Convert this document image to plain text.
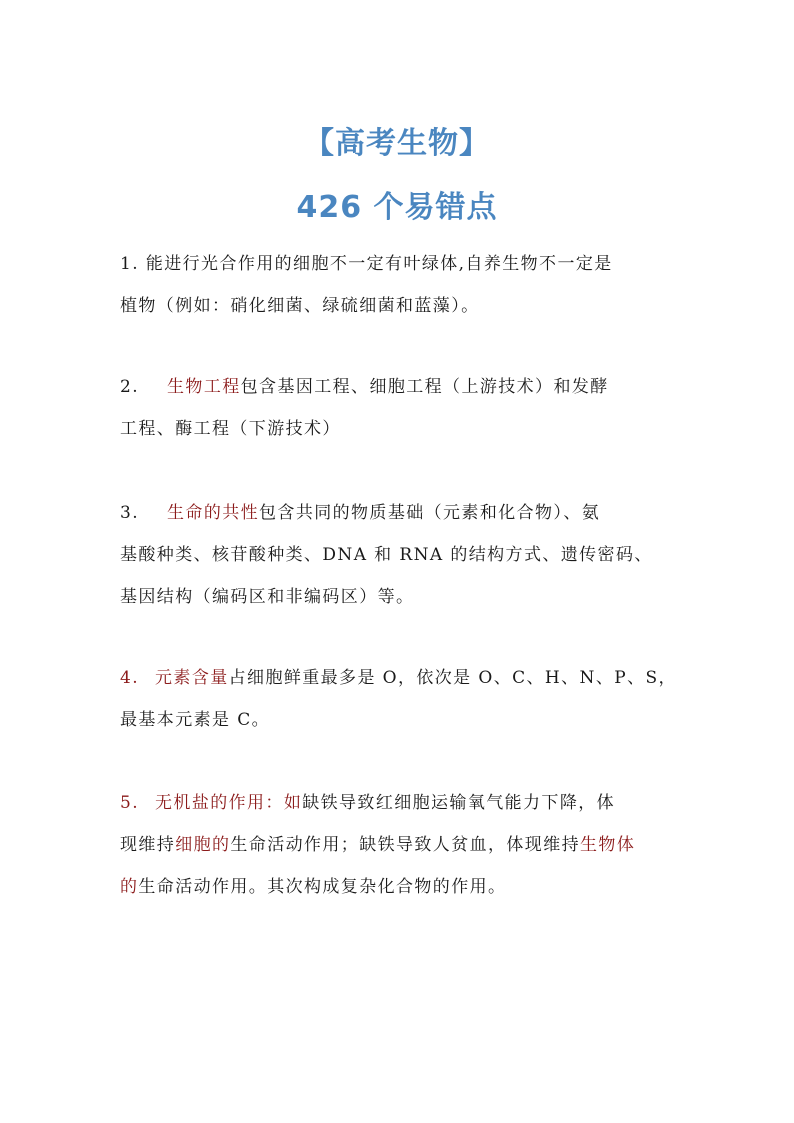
【高考生物】
426 个易错点
1. 能进行光合作用的细胞不一定有叶绿体,自养生物不一定是
植物（例如：硝化细菌、绿硫细菌和蓝藻）。
2. 生物工程包含基因工程、细胞工程（上游技术）和发酵
工程、酶工程（下游技术）
3. 生命的共性包含共同的物质基础（元素和化合物）、氨
基酸种类、核苷酸种类、DNA 和 RNA 的结构方式、遗传密码、
基因结构（编码区和非编码区）等。
4. 元素含量占细胞鲜重最多是 O，依次是 O、C、H、N、P、S，
最基本元素是 C。
5. 无机盐的作用：如缺铁导致红细胞运输氧气能力下降，体
现维持细胞的生命活动作用；缺铁导致人贫血，体现维持生物体
的生命活动作用。其次构成复杂化合物的作用。
